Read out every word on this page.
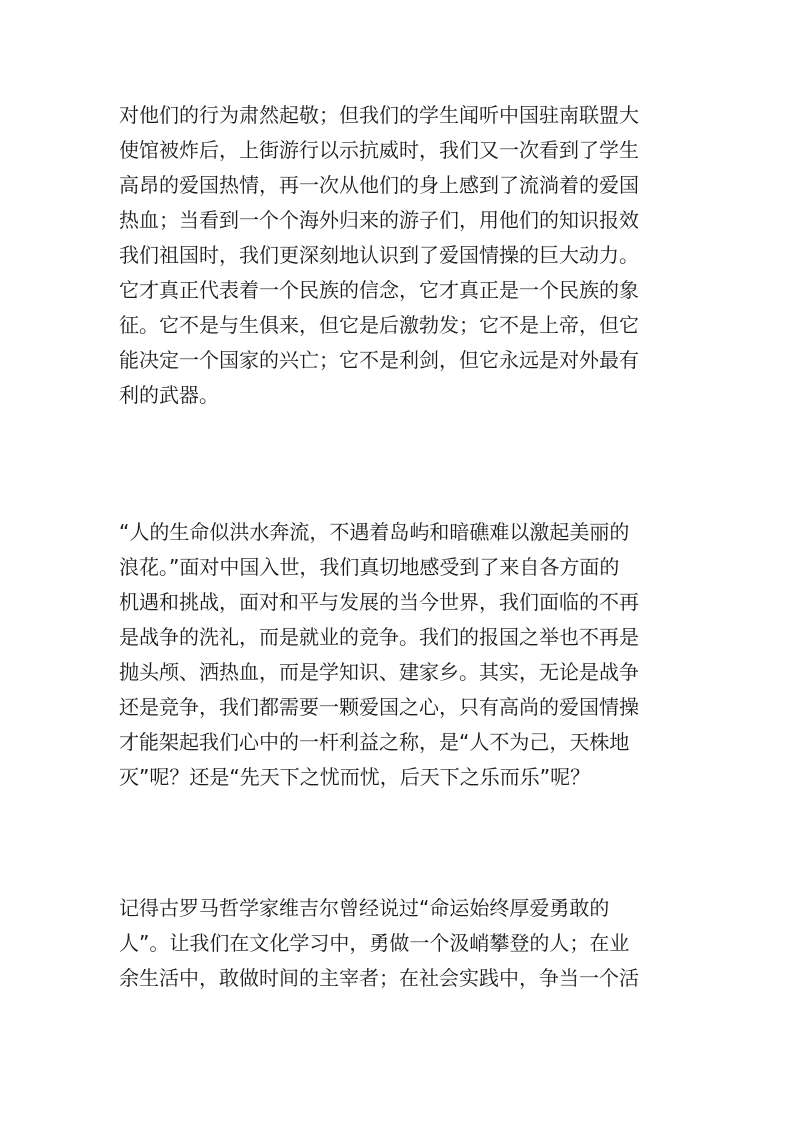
对他们的行为肃然起敬；但我们的学生闻听中国驻南联盟大
使馆被炸后，上街游行以示抗威时，我们又一次看到了学生
高昂的爱国热情，再一次从他们的身上感到了流淌着的爱国
热血；当看到一个个海外归来的游子们，用他们的知识报效
我们祖国时，我们更深刻地认识到了爱国情操的巨大动力。
它才真正代表着一个民族的信念，它才真正是一个民族的象
征。它不是与生俱来，但它是后激勃发；它不是上帝，但它
能决定一个国家的兴亡；它不是利剑，但它永远是对外最有
利的武器。
“人的生命似洪水奔流，不遇着岛屿和暗礁难以激起美丽的
浪花。”面对中国入世，我们真切地感受到了来自各方面的
机遇和挑战，面对和平与发展的当今世界，我们面临的不再
是战争的洗礼，而是就业的竞争。我们的报国之举也不再是
抛头颅、洒热血，而是学知识、建家乡。其实，无论是战争
还是竞争，我们都需要一颗爱国之心，只有高尚的爱国情操
才能架起我们心中的一杆利益之称，是“人不为己，天株地
灭”呢？还是“先天下之忧而忧，后天下之乐而乐”呢？
记得古罗马哲学家维吉尔曾经说过“命运始终厚爱勇敢的
人”。让我们在文化学习中，勇做一个汲峭攀登的人；在业
余生活中，敢做时间的主宰者；在社会实践中，争当一个活
